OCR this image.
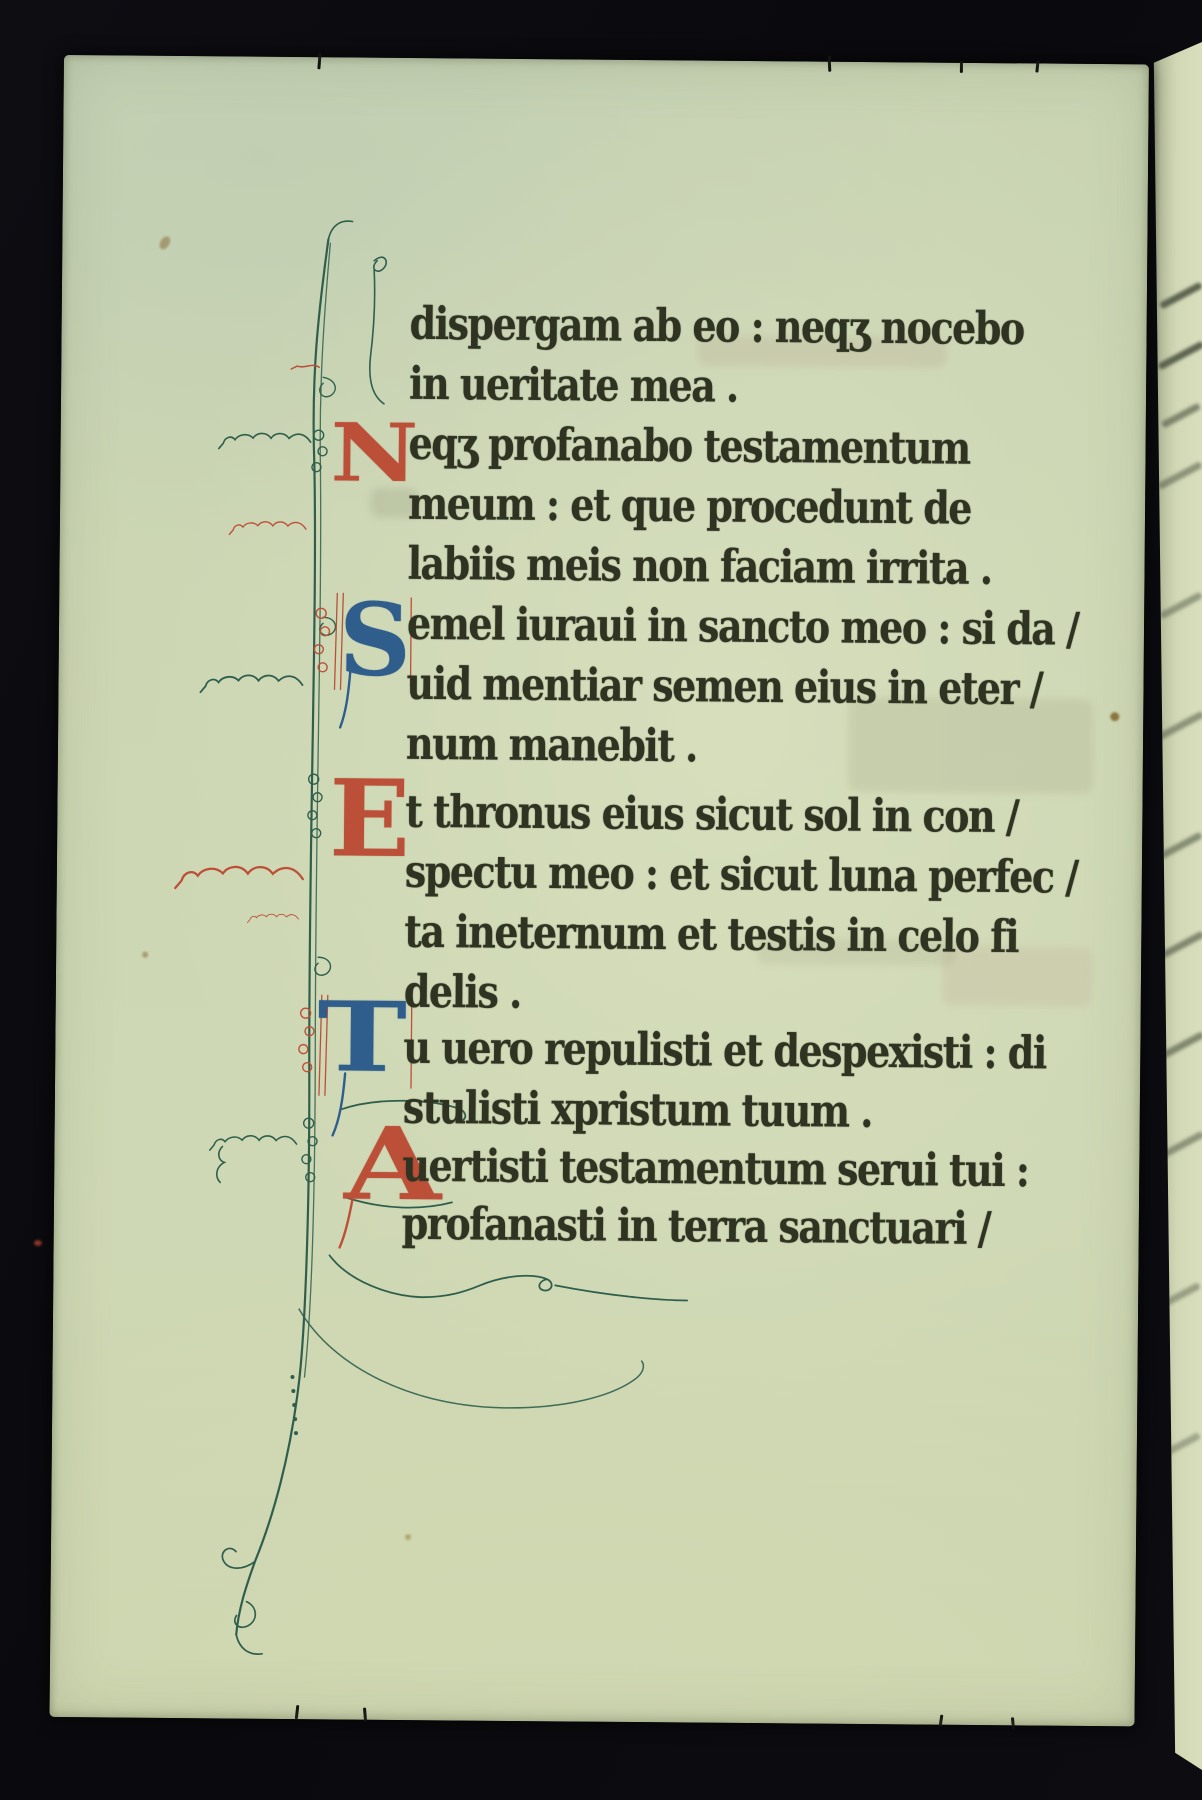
N
S
E
T
A
dispergam ab eo : neqʒ nocebo
in ueritate mea .
eqʒ profanabo testamentum
meum : et que procedunt de
labiis meis non faciam irrita .
emel iuraui in sancto meo : si da /
uid mentiar semen eius in eter /
num manebit .
t thronus eius sicut sol in con /
spectu meo : et sicut luna perfec /
ta ineternum et testis in celo fi
delis .
u uero repulisti et despexisti : di
stulisti xpristum tuum .
uertisti testamentum serui tui :
profanasti in terra sanctuari /
